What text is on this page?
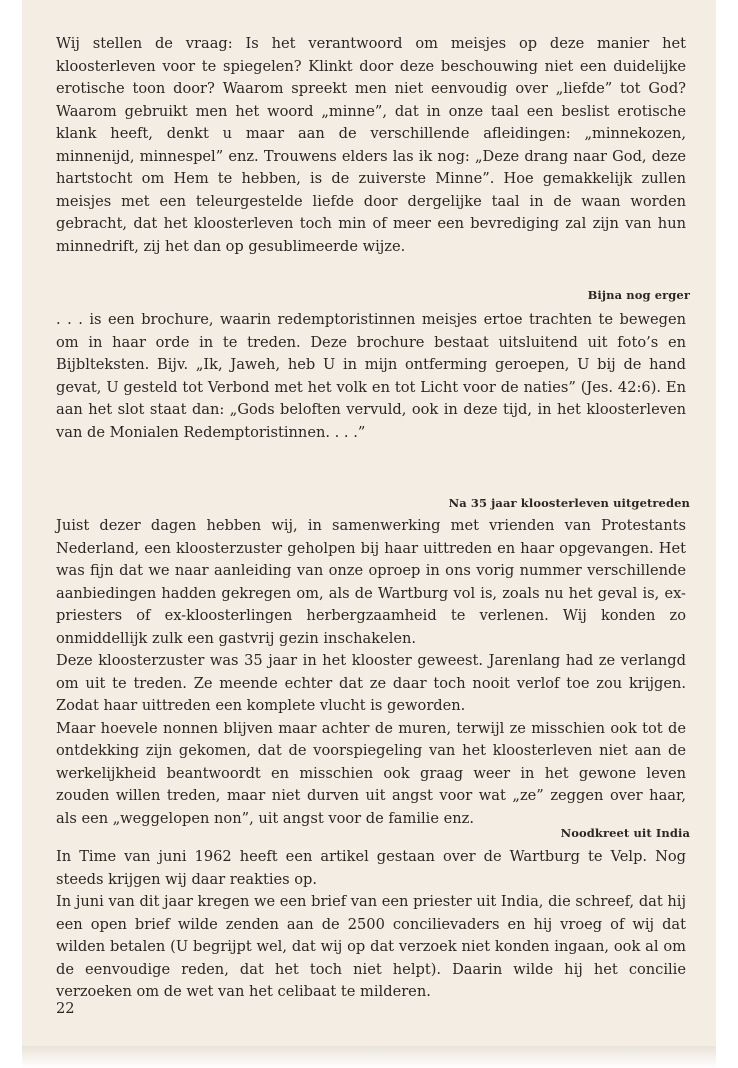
Wij stellen de vraag: Is het verantwoord om meisjes op deze manier het kloosterleven voor te spiegelen? Klinkt door deze beschouwing niet een duidelijke erotische toon door? Waarom spreekt men niet eenvoudig over „liefde” tot God? Waarom gebruikt men het woord „minne”, dat in onze taal een beslist erotische klank heeft, denkt u maar aan de verschillende afleidingen: „minnekozen, minnenijd, minnespel” enz. Trouwens elders las ik nog: „Deze drang naar God, deze hartstocht om Hem te hebben, is de zuiverste Minne”. Hoe gemakkelijk zullen meisjes met een teleurgestelde liefde door dergelijke taal in de waan worden gebracht, dat het kloosterleven toch min of meer een bevrediging zal zijn van hun minnedrift, zij het dan op gesublimeerde wijze.

Bijna nog erger

. . . is een brochure, waarin redemptoristinnen meisjes ertoe trachten te bewegen om in haar orde in te treden. Deze brochure bestaat uitsluitend uit foto’s en Bijblteksten. Bijv. „Ik, Jaweh, heb U in mijn ontferming geroepen, U bij de hand gevat, U gesteld tot Verbond met het volk en tot Licht voor de naties” (Jes. 42:6). En aan het slot staat dan: „Gods beloften vervuld, ook in deze tijd, in het kloosterleven van de Monialen Redemptoristinnen. . . .”

Na 35 jaar kloosterleven uitgetreden

Juist dezer dagen hebben wij, in samenwerking met vrienden van Protestants Nederland, een kloosterzuster geholpen bij haar uittreden en haar opgevangen. Het was fijn dat we naar aanleiding van onze oproep in ons vorig nummer verschillende aanbiedingen hadden gekregen om, als de Wartburg vol is, zoals nu het geval is, ex-priesters of ex-kloosterlingen herbergzaamheid te verlenen. Wij konden zo onmiddellijk zulk een gastvrij gezin inschakelen.

Deze kloosterzuster was 35 jaar in het klooster geweest. Jarenlang had ze verlangd om uit te treden. Ze meende echter dat ze daar toch nooit verlof toe zou krijgen. Zodat haar uittreden een komplete vlucht is geworden.

Maar hoevele nonnen blijven maar achter de muren, terwijl ze misschien ook tot de ontdekking zijn gekomen, dat de voorspiegeling van het kloosterleven niet aan de werkelijkheid beantwoordt en misschien ook graag weer in het gewone leven zouden willen treden, maar niet durven uit angst voor wat „ze” zeggen over haar, als een „weggelopen non”, uit angst voor de familie enz.

Noodkreet uit India

In Time van juni 1962 heeft een artikel gestaan over de Wartburg te Velp. Nog steeds krijgen wij daar reakties op.

In juni van dit jaar kregen we een brief van een priester uit India, die schreef, dat hij een open brief wilde zenden aan de 2500 concilievaders en hij vroeg of wij dat wilden betalen (U begrijpt wel, dat wij op dat verzoek niet konden ingaan, ook al om de eenvoudige reden, dat het toch niet helpt). Daarin wilde hij het concilie verzoeken om de wet van het celibaat te milderen.

22
